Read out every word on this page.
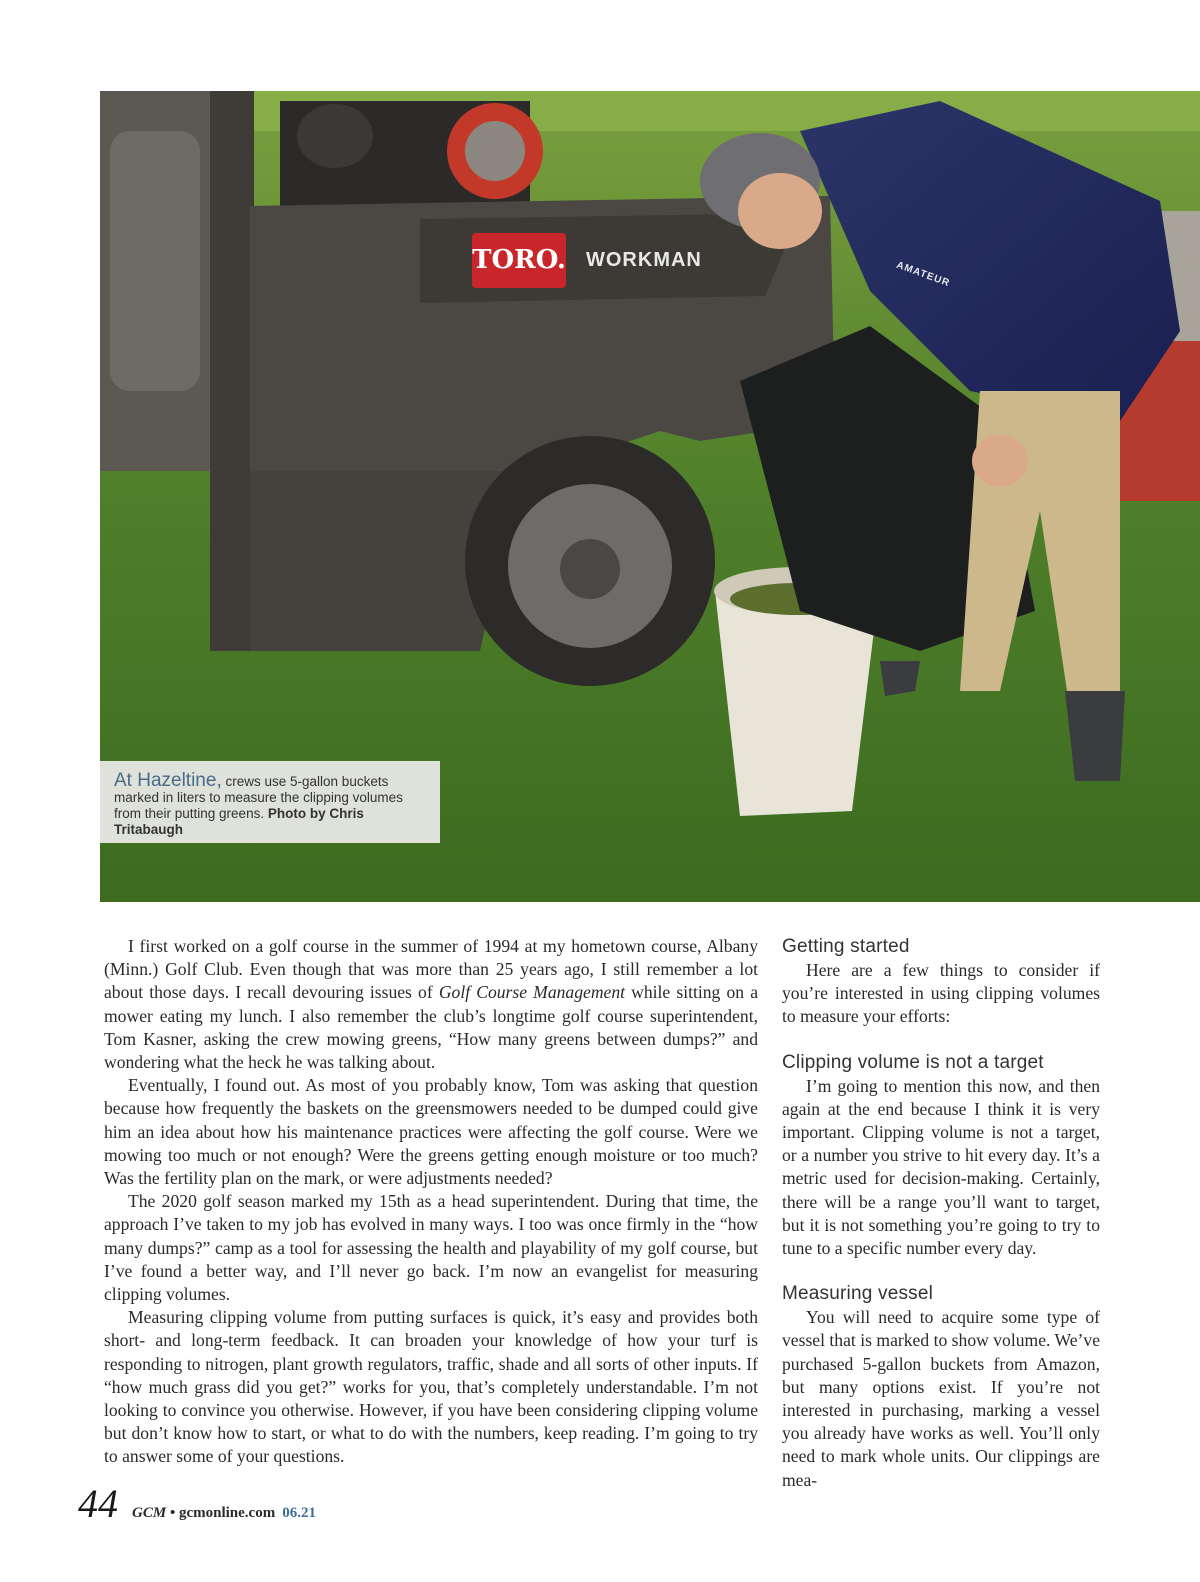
TORO. WORKMAN	AMATEUR
At Hazeltine, crews use 5-gallon buckets marked in liters to measure the clipping volumes from their putting greens. Photo by Chris Tritabaugh

I first worked on a golf course in the summer of 1994 at my hometown course, Albany (Minn.) Golf Club. Even though that was more than 25 years ago, I still remember a lot about those days. I recall devouring issues of Golf Course Management while sitting on a mower eating my lunch. I also remember the club’s longtime golf course superintendent, Tom Kasner, asking the crew mowing greens, “How many greens between dumps?” and wondering what the heck he was talking about.

Eventually, I found out. As most of you probably know, Tom was asking that question because how frequently the baskets on the greensmowers needed to be dumped could give him an idea about how his maintenance practices were affecting the golf course. Were we mowing too much or not enough? Were the greens getting enough moisture or too much? Was the fertility plan on the mark, or were adjustments needed?

The 2020 golf season marked my 15th as a head superintendent. During that time, the approach I’ve taken to my job has evolved in many ways. I too was once firmly in the “how many dumps?” camp as a tool for assessing the health and playability of my golf course, but I’ve found a better way, and I’ll never go back. I’m now an evangelist for measuring clipping volumes.

Measuring clipping volume from putting surfaces is quick, it’s easy and provides both short- and long-term feedback. It can broaden your knowledge of how your turf is responding to nitrogen, plant growth regulators, traffic, shade and all sorts of other inputs. If “how much grass did you get?” works for you, that’s completely understandable. I’m not looking to convince you otherwise. However, if you have been considering clipping volume but don’t know how to start, or what to do with the numbers, keep reading. I’m going to try to answer some of your questions.

Getting started

Here are a few things to consider if you’re interested in using clipping volumes to measure your efforts:

Clipping volume is not a target

I’m going to mention this now, and then again at the end because I think it is very important. Clipping volume is not a target, or a number you strive to hit every day. It’s a metric used for decision-making. Certainly, there will be a range you’ll want to target, but it is not something you’re going to try to tune to a specific number every day.

Measuring vessel

You will need to acquire some type of vessel that is marked to show volume. We’ve purchased 5-gallon buckets from Amazon, but many options exist. If you’re not interested in purchasing, marking a vessel you already have works as well. You’ll only need to mark whole units. Our clippings are mea-

44 GCM • gcmonline.com 06.21
